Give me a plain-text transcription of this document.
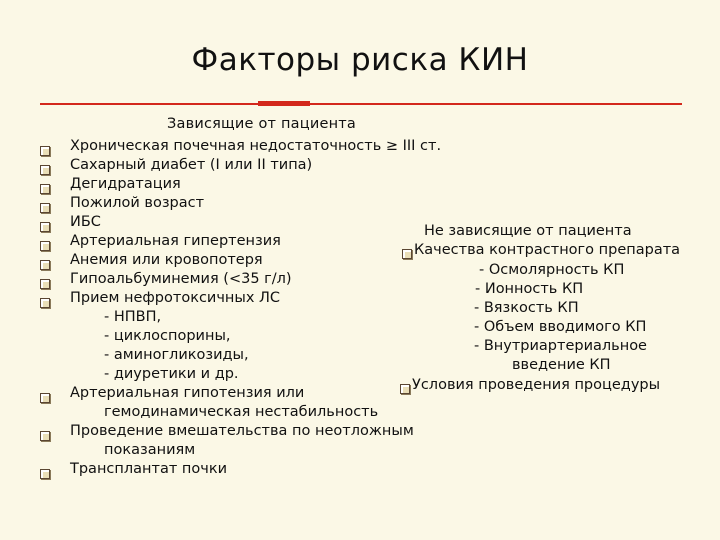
Факторы риска КИН
Зависящие от пациента
Хроническая почечная недостаточность ≥ III ст.
Сахарный диабет (I или II типа)
Дегидратация
Пожилой возраст
ИБС
Артериальная гипертензия
Анемия или кровопотеря
Гипоальбуминемия (<35 г/л)
Прием нефротоксичных ЛС
- НПВП,
- циклоспорины,
- аминогликозиды,
- диуретики и др.
Артериальная гипотензия или
гемодинамическая нестабильность
Проведение вмешательства по неотложным
показаниям
Трансплантат почки
Не зависящие от пациента
Качества контрастного препарата
- Осмолярность КП
- Ионность КП
- Вязкость КП
- Объем вводимого КП
- Внутриартериальное
введение КП
Условия проведения процедуры
